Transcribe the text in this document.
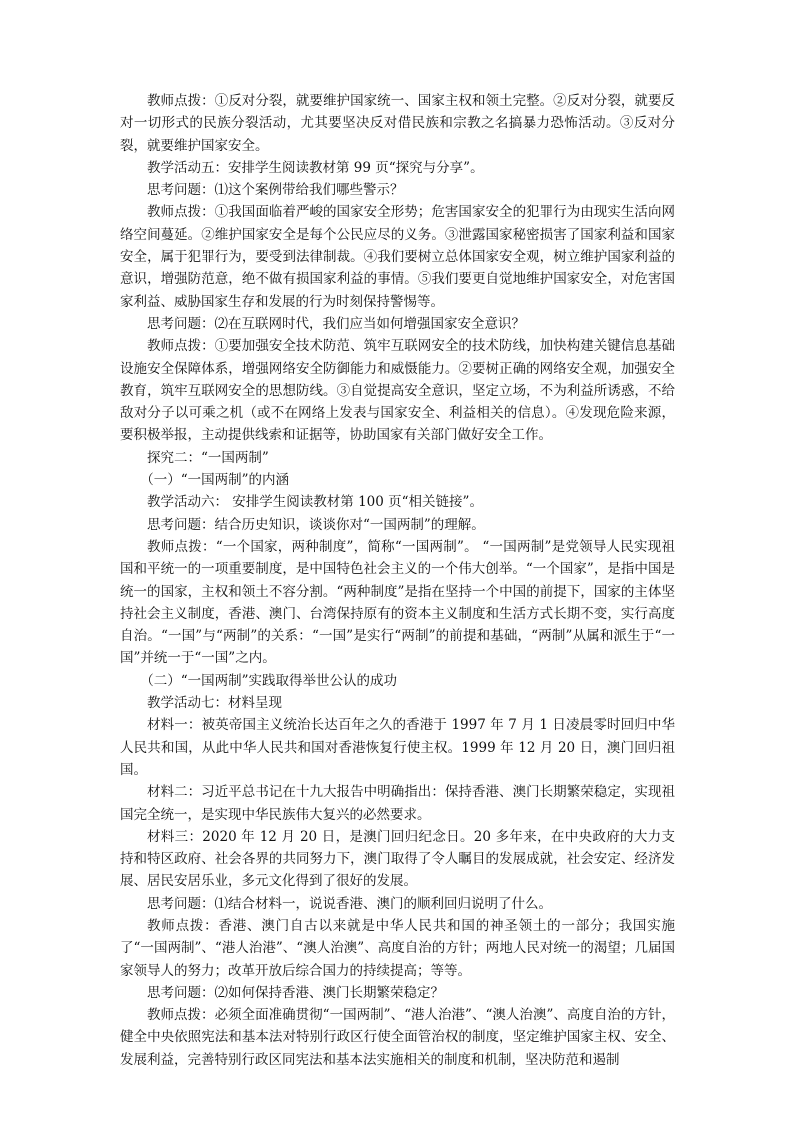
教师点拨：①反对分裂，就要维护国家统一、国家主权和领土完整。②反对分裂，就要反对一切形式的民族分裂活动，尤其要坚决反对借民族和宗教之名搞暴力恐怖活动。③反对分裂，就要维护国家安全。

教学活动五：安排学生阅读教材第 99 页“探究与分享”。

思考问题：⑴这个案例带给我们哪些警示？

教师点拨：①我国面临着严峻的国家安全形势；危害国家安全的犯罪行为由现实生活向网络空间蔓延。②维护国家安全是每个公民应尽的义务。③泄露国家秘密损害了国家利益和国家安全，属于犯罪行为，要受到法律制裁。④我们要树立总体国家安全观，树立维护国家利益的意识，增强防范意，绝不做有损国家利益的事情。⑤我们要更自觉地维护国家安全，对危害国家利益、威胁国家生存和发展的行为时刻保持警惕等。

思考问题：⑵在互联网时代，我们应当如何增强国家安全意识？

教师点拨：①要加强安全技术防范、筑牢互联网安全的技术防线，加快构建关键信息基础设施安全保障体系，增强网络安全防御能力和威慑能力。②要树正确的网络安全观，加强安全教育，筑牢互联网安全的思想防线。③自觉提高安全意识，坚定立场，不为利益所诱惑，不给敌对分子以可乘之机（或不在网络上发表与国家安全、利益相关的信息）。④发现危险来源，要积极举报，主动提供线索和证据等，协助国家有关部门做好安全工作。

探究二：“一国两制”

（一）“一国两制”的内涵

教学活动六： 安排学生阅读教材第 100 页“相关链接”。

思考问题：结合历史知识，谈谈你对“一国两制”的理解。

教师点拨：“一个国家，两种制度”，简称“一国两制”。 “一国两制”是党领导人民实现祖国和平统一的一项重要制度，是中国特色社会主义的一个伟大创举。“一个国家”，是指中国是统一的国家，主权和领土不容分割。“两种制度”是指在坚持一个中国的前提下，国家的主体坚持社会主义制度，香港、澳门、台湾保持原有的资本主义制度和生活方式长期不变，实行高度自治。“一国”与“两制”的关系：“一国”是实行“两制”的前提和基础，“两制”从属和派生于“一国”并统一于“一国”之内。

（二）“一国两制”实践取得举世公认的成功

教学活动七：材料呈现

材料一：被英帝国主义统治长达百年之久的香港于 1997 年 7 月 1 日凌晨零时回归中华人民共和国，从此中华人民共和国对香港恢复行使主权。1999 年 12 月 20 日，澳门回归祖国。

材料二：习近平总书记在十九大报告中明确指出：保持香港、澳门长期繁荣稳定，实现祖国完全统一，是实现中华民族伟大复兴的必然要求。

材料三：2020 年 12 月 20 日，是澳门回归纪念日。20 多年来，在中央政府的大力支持和特区政府、社会各界的共同努力下，澳门取得了令人瞩目的发展成就，社会安定、经济发展、居民安居乐业，多元文化得到了很好的发展。

思考问题：⑴结合材料一，说说香港、澳门的顺利回归说明了什么。

教师点拨：香港、澳门自古以来就是中华人民共和国的神圣领土的一部分；我国实施了“一国两制”、“港人治港”、“澳人治澳”、高度自治的方针；两地人民对统一的渴望；几届国家领导人的努力；改革开放后综合国力的持续提高；等等。

思考问题：⑵如何保持香港、澳门长期繁荣稳定？

教师点拨：必须全面准确贯彻“一国两制”、“港人治港”、“澳人治澳”、高度自治的方针，健全中央依照宪法和基本法对特别行政区行使全面管治权的制度，坚定维护国家主权、安全、发展利益，完善特别行政区同宪法和基本法实施相关的制度和机制，坚决防范和遏制
